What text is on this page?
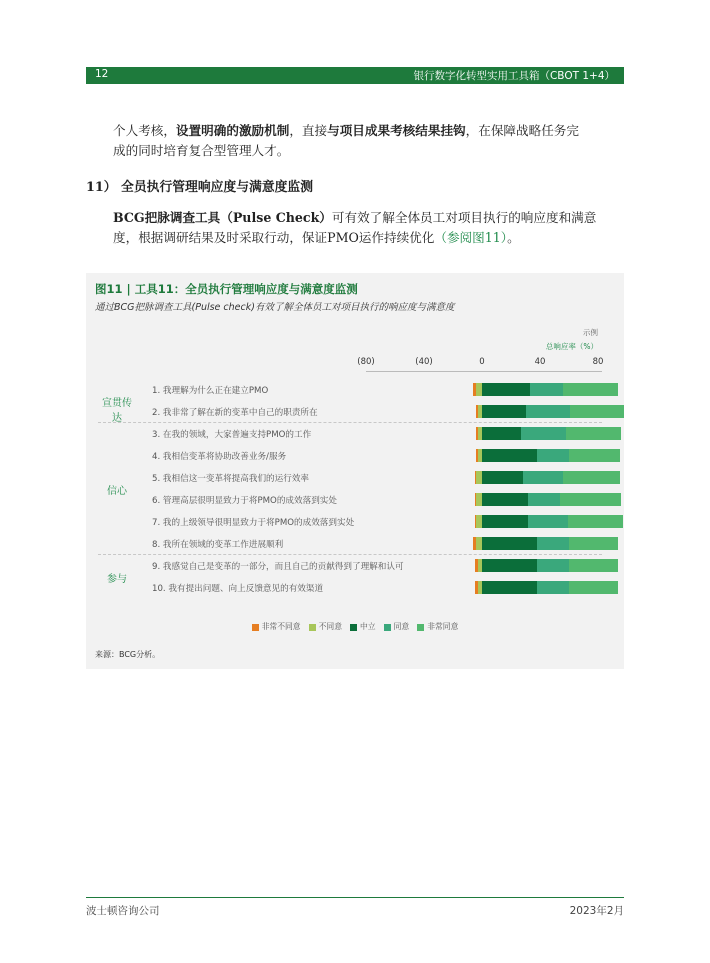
12	银行数字化转型实用工具箱（CBOT 1+4）
个人考核，设置明确的激励机制，直接与项目成果考核结果挂钩，在保障战略任务完
成的同时培育复合型管理人才。
11） 全员执行管理响应度与满意度监测
BCG把脉调查工具（Pulse Check）可有效了解全体员工对项目执行的响应度和满意
度，根据调研结果及时采取行动，保证PMO运作持续优化（参阅图11）。
图11 | 工具11：全员执行管理响应度与满意度监测
通过BCG把脉调查工具(Pulse check)有效了解全体员工对项目执行的响应度与满意度
示例
总响应率（%）
(80)	(40)	0	40	80
1. 我理解为什么正在建立PMO
2. 我非常了解在新的变革中自己的职责所在
3. 在我的领域，大家普遍支持PMO的工作
4. 我相信变革将协助改善业务/服务
5. 我相信这一变革将提高我们的运行效率
6. 管理高层很明显致力于将PMO的成效落到实处
7. 我的上级领导很明显致力于将PMO的成效落到实处
8. 我所在领域的变革工作进展顺利
9. 我感觉自己是变革的一部分，而且自己的贡献得到了理解和认可
10. 我有提出问题、向上反馈意见的有效渠道
宣贯传达
信心
参与
非常不同意 不同意 中立 同意 非常同意
来源：BCG分析。
波士顿咨询公司	2023年2月
